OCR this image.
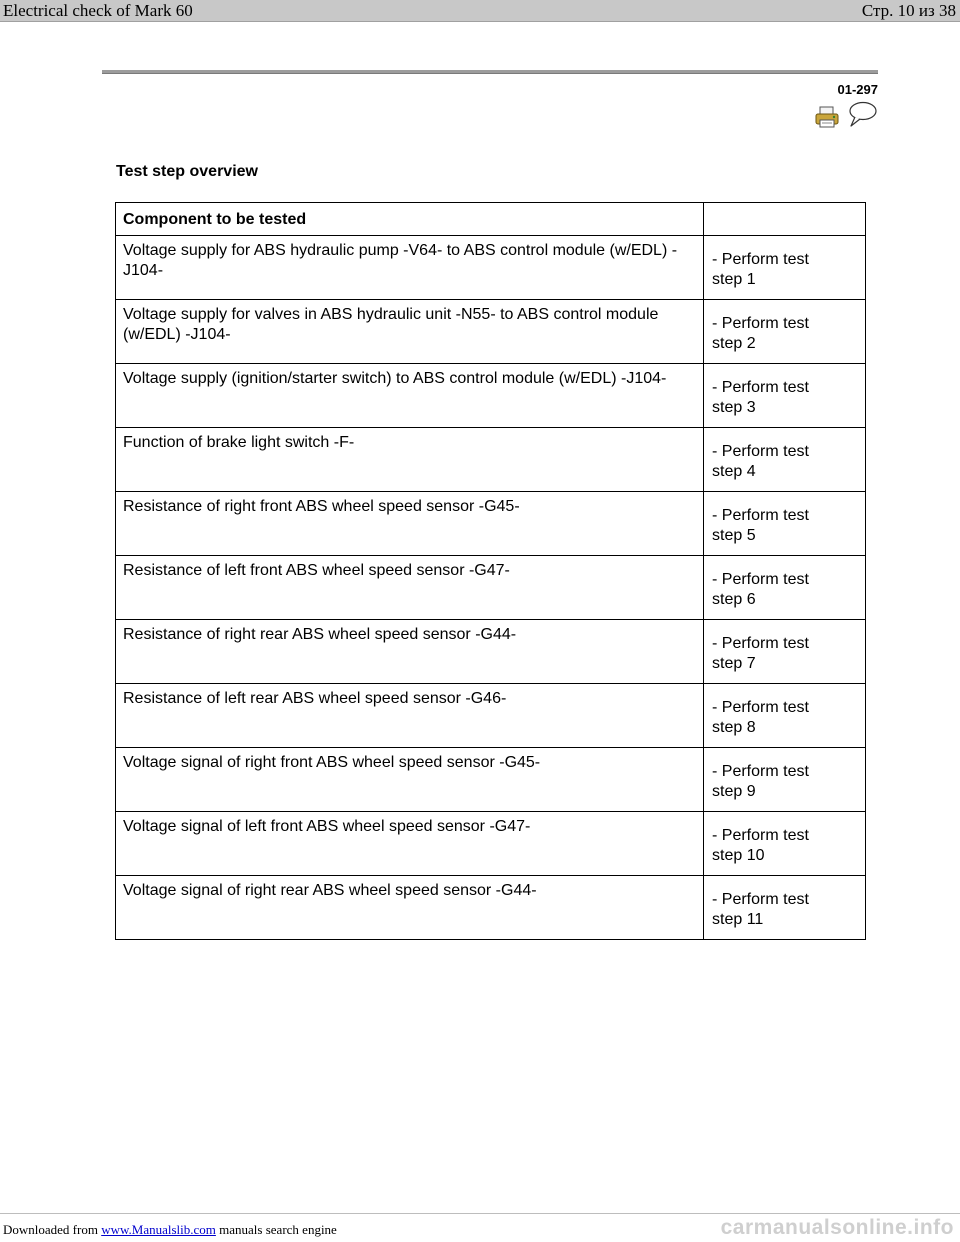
Electrical check of Mark 60	Стр. 10 из 38
01-297
Test step overview
Component to be tested	
Voltage supply for ABS hydraulic pump -V64- to ABS control module (w/EDL) -J104-	- Perform test
step 1
Voltage supply for valves in ABS hydraulic unit -N55- to ABS control module (w/EDL) -J104-	- Perform test
step 2
Voltage supply (ignition/starter switch) to ABS control module (w/EDL) -J104-	- Perform test
step 3
Function of brake light switch -F-	- Perform test
step 4
Resistance of right front ABS wheel speed sensor -G45-	- Perform test
step 5
Resistance of left front ABS wheel speed sensor -G47-	- Perform test
step 6
Resistance of right rear ABS wheel speed sensor -G44-	- Perform test
step 7
Resistance of left rear ABS wheel speed sensor -G46-	- Perform test
step 8
Voltage signal of right front ABS wheel speed sensor -G45-	- Perform test
step 9
Voltage signal of left front ABS wheel speed sensor -G47-	- Perform test
step 10
Voltage signal of right rear ABS wheel speed sensor -G44-	- Perform test
step 11
Downloaded from www.Manualslib.com manuals search engine	carmanualsonline.info
